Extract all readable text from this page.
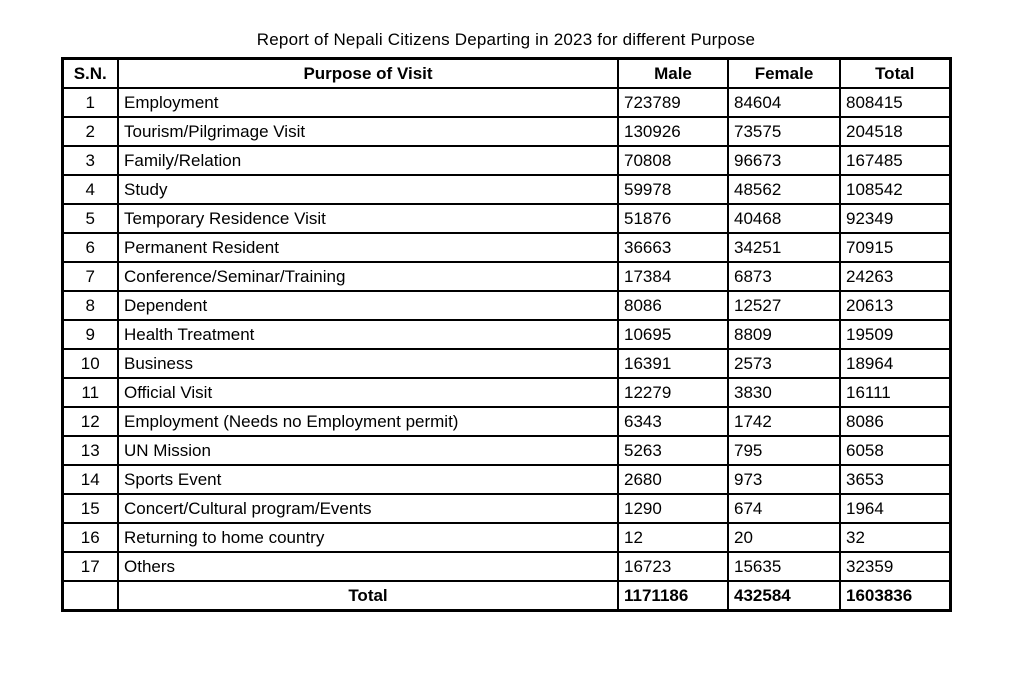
Report of Nepali Citizens Departing in 2023 for different Purpose
S.N.	Purpose of Visit	Male	Female	Total
1	Employment	723789	84604	808415
2	Tourism/Pilgrimage Visit	130926	73575	204518
3	Family/Relation	70808	96673	167485
4	Study	59978	48562	108542
5	Temporary Residence Visit	51876	40468	92349
6	Permanent Resident	36663	34251	70915
7	Conference/Seminar/Training	17384	6873	24263
8	Dependent	8086	12527	20613
9	Health Treatment	10695	8809	19509
10	Business	16391	2573	18964
11	Official Visit	12279	3830	16111
12	Employment (Needs no Employment permit)	6343	1742	8086
13	UN Mission	5263	795	6058
14	Sports Event	2680	973	3653
15	Concert/Cultural program/Events	1290	674	1964
16	Returning to home country	12	20	32
17	Others	16723	15635	32359
	Total	1171186	432584	1603836
